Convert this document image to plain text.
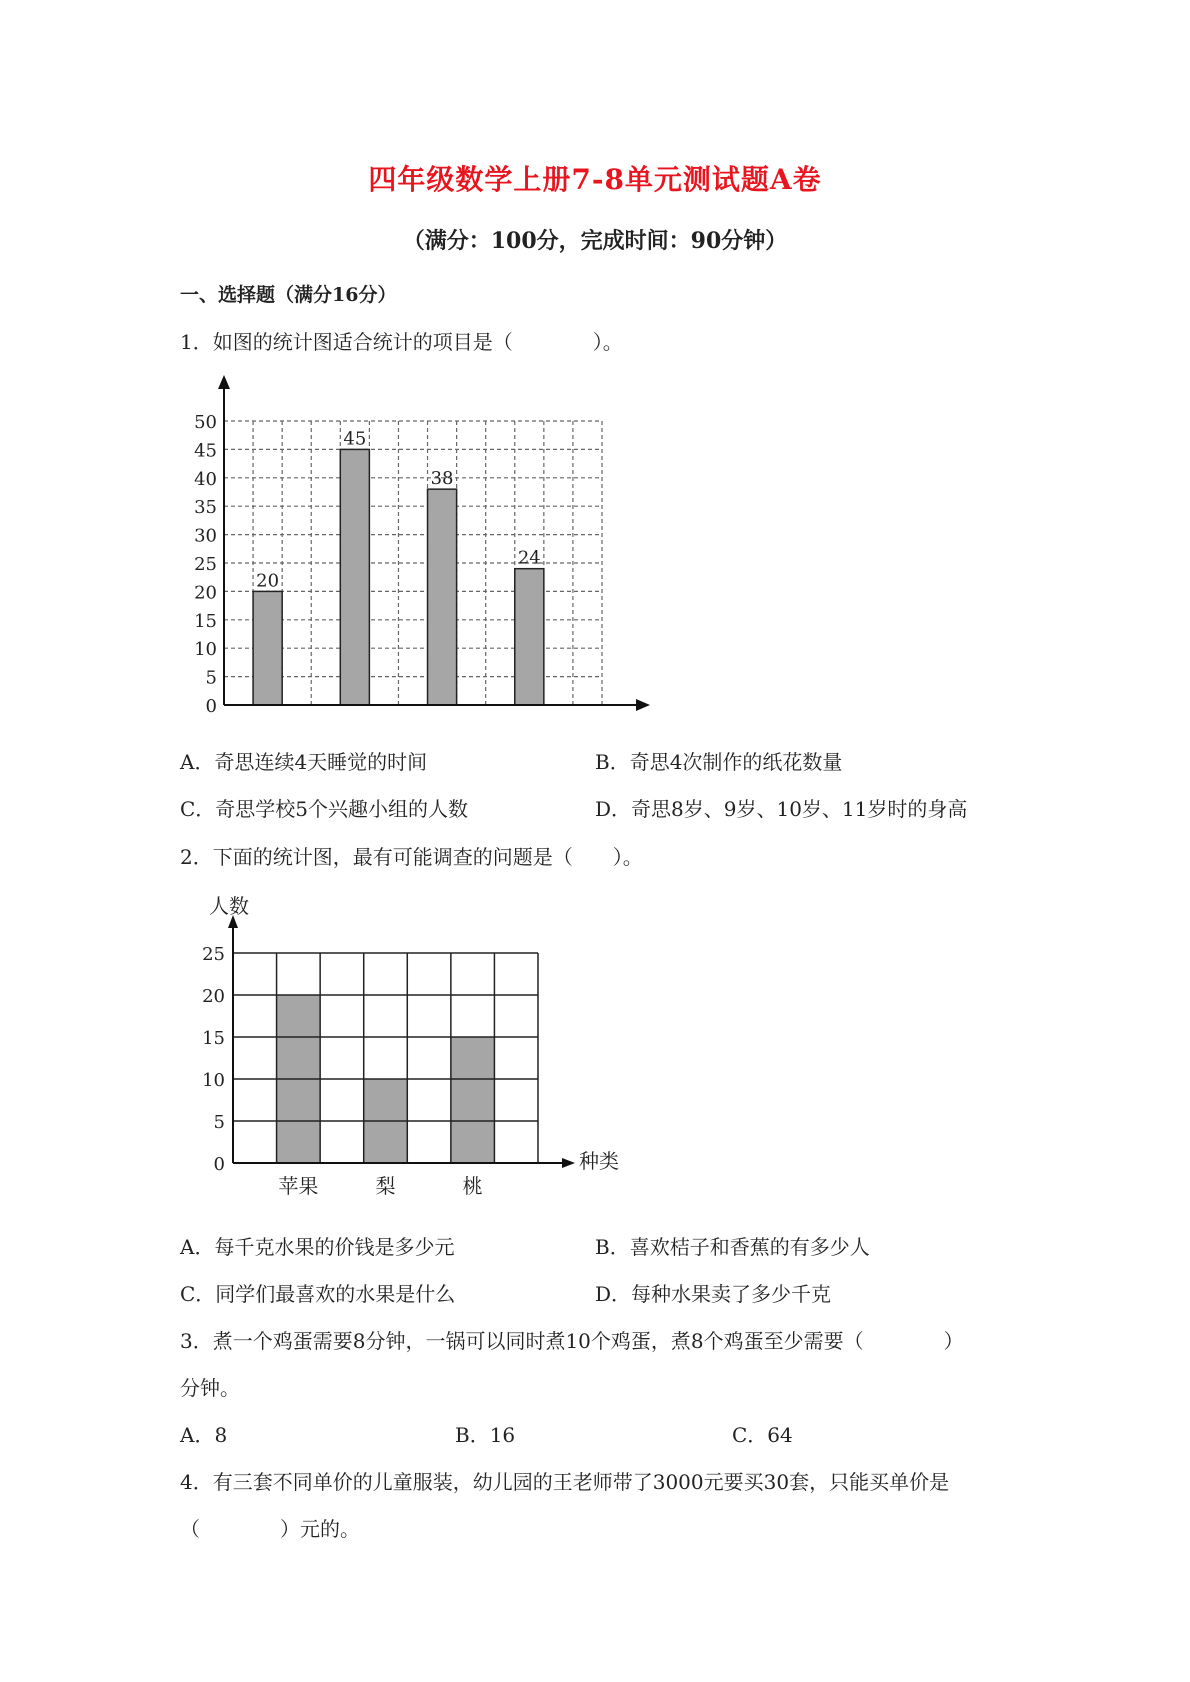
四年级数学上册7-8单元测试题A卷
（满分：100分，完成时间：90分钟）
一、选择题（满分16分）
1．如图的统计图适合统计的项目是（　　　　）。
20
45
38
24
0
5
10
15
20
25
30
35
40
45
50
A．奇思连续4天睡觉的时间	B．奇思4次制作的纸花数量
C．奇思学校5个兴趣小组的人数	D．奇思8岁、9岁、10岁、11岁时的身高
2．下面的统计图，最有可能调查的问题是（　　）。
苹果	梨	桃
0
5
10
15
20
25
人数
种类
A．每千克水果的价钱是多少元	B．喜欢桔子和香蕉的有多少人
C．同学们最喜欢的水果是什么	D．每种水果卖了多少千克
3．煮一个鸡蛋需要8分钟，一锅可以同时煮10个鸡蛋，煮8个鸡蛋至少需要（　　　　）
分钟。
A．8	B．16	C．64
4．有三套不同单价的儿童服装，幼儿园的王老师带了3000元要买30套，只能买单价是
（　　　　）元的。
